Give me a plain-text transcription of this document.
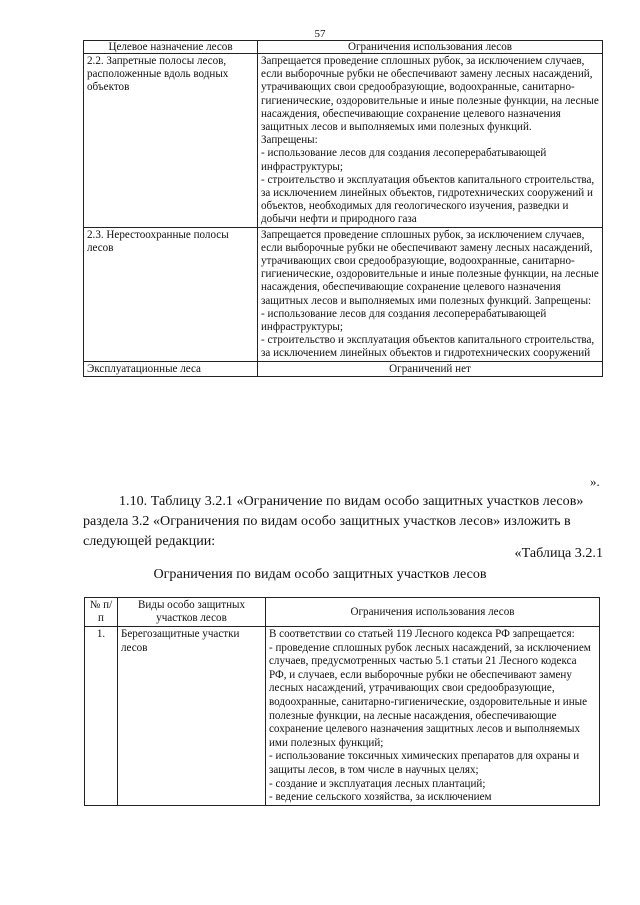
57
Целевое назначение лесов	Ограничения использования лесов
2.2. Запретные полосы лесов, расположенные вдоль водных объектов	Запрещается проведение сплошных рубок, за исключением случаев, если выборочные рубки не обеспечивают замену лесных насаждений, утрачивающих свои средообразующие, водоохранные, санитарно-гигиенические, оздоровительные и иные полезные функции, на лесные насаждения, обеспечивающие сохранение целевого назначения защитных лесов и выполняемых ими полезных функций.
Запрещены:
- использование лесов для создания лесоперерабатывающей инфраструктуры;
- строительство и эксплуатация объектов капитального строительства, за исключением линейных объектов, гидротехнических сооружений и объектов, необходимых для геологического изучения, разведки и добычи нефти и природного газа
2.3. Нерестоохранные полосы лесов	Запрещается проведение сплошных рубок, за исключением случаев, если выборочные рубки не обеспечивают замену лесных насаждений, утрачивающих свои средообразующие, водоохранные, санитарно-гигиенические, оздоровительные и иные полезные функции, на лесные насаждения, обеспечивающие сохранение целевого назначения защитных лесов и выполняемых ими полезных функций. Запрещены:
- использование лесов для создания лесоперерабатывающей инфраструктуры;
- строительство и эксплуатация объектов капитального строительства, за исключением линейных объектов и гидротехнических сооружений
Эксплуатационные леса	Ограничений нет
».
1.10. Таблицу 3.2.1 «Ограничение по видам особо защитных участков лесов» раздела 3.2 «Ограничения по видам особо защитных участков лесов» изложить в следующей редакции:
«Таблица 3.2.1
Ограничения по видам особо защитных участков лесов
№ п/п	Виды особо защитных участков лесов	Ограничения использования лесов
1.	Берегозащитные участки лесов	В соответствии со статьей 119 Лесного кодекса РФ запрещается:
- проведение сплошных рубок лесных насаждений, за исключением случаев, предусмотренных частью 5.1 статьи 21 Лесного кодекса РФ, и случаев, если выборочные рубки не обеспечивают замену лесных насаждений, утрачивающих свои средообразующие, водоохранные, санитарно-гигиенические, оздоровительные и иные полезные функции, на лесные насаждения, обеспечивающие сохранение целевого назначения защитных лесов и выполняемых ими полезных функций;
- использование токсичных химических препаратов для охраны и защиты лесов, в том числе в научных целях;
- создание и эксплуатация лесных плантаций;
- ведение сельского хозяйства, за исключением
